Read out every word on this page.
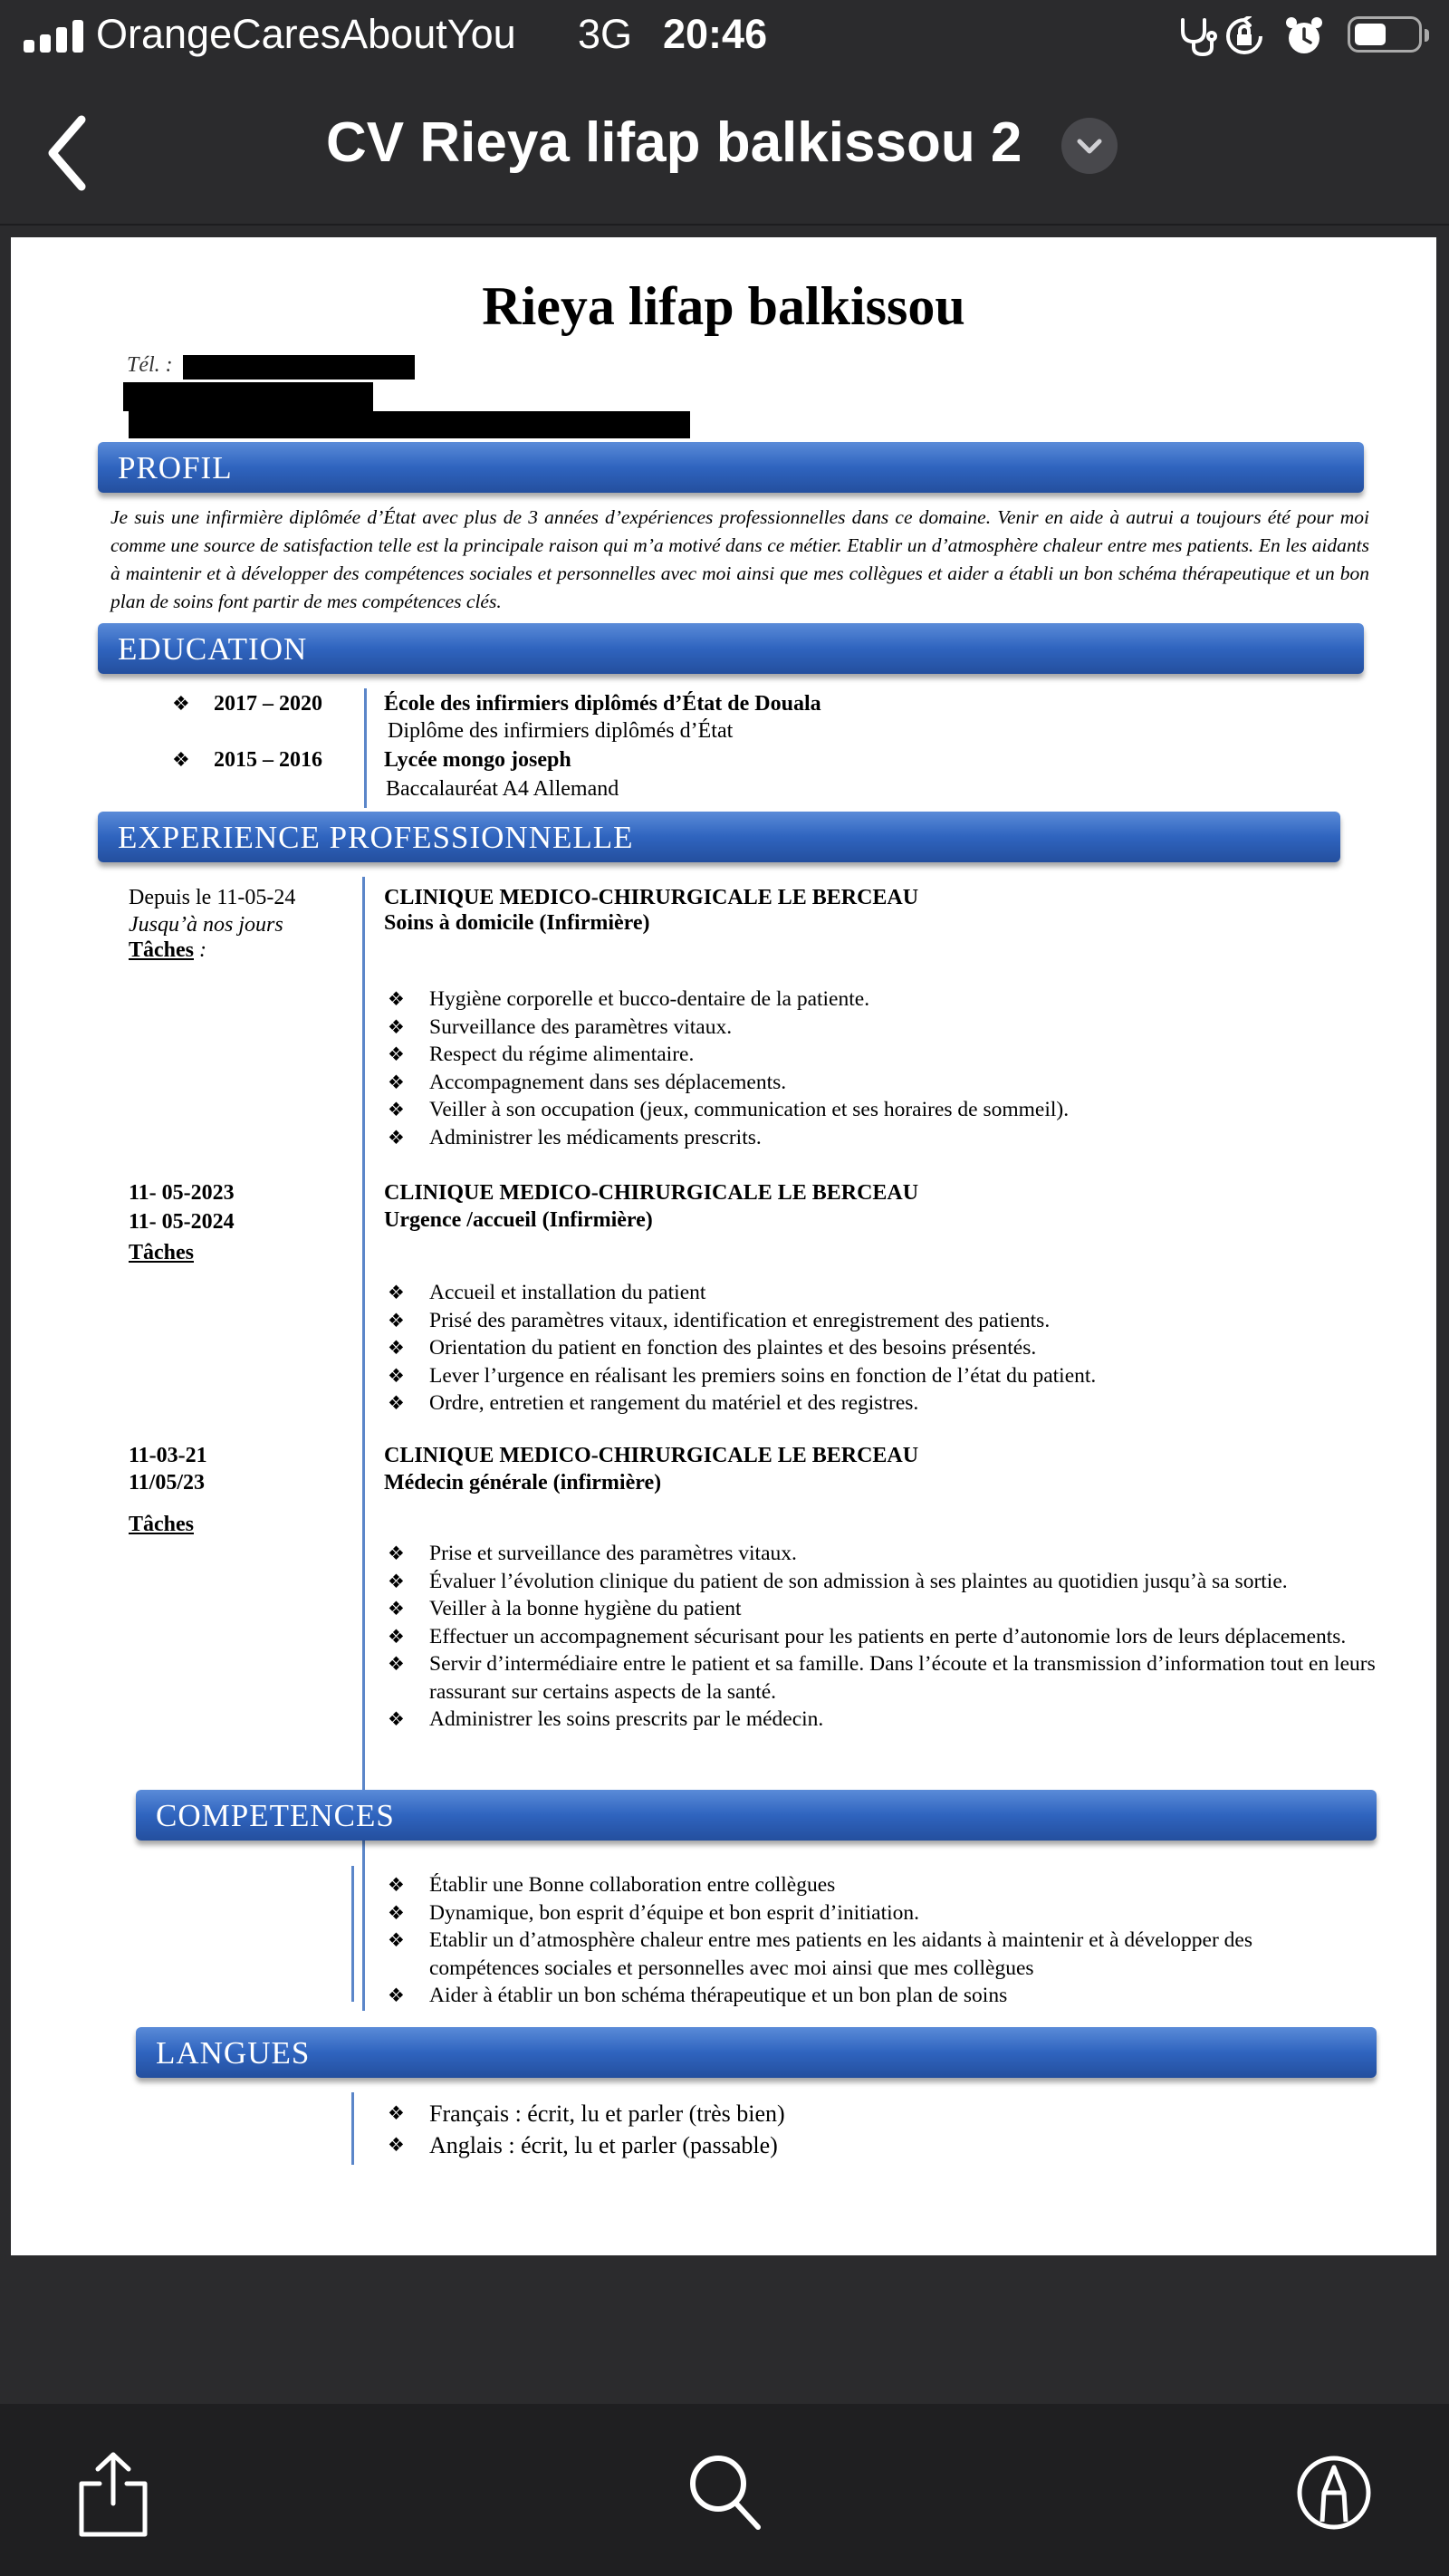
OrangeCaresAboutYou 3G 20:46
CV Rieya lifap balkissou 2
Rieya lifap balkissou
Tél. :
PROFIL
Je suis une infirmière diplômée d’État avec plus de 3 années d’expériences professionnelles dans ce domaine. Venir en aide à autrui a toujours été pour moi comme une source de satisfaction telle est la principale raison qui m’a motivé dans ce métier. Etablir un d’atmosphère chaleur entre mes patients. En les aidants à maintenir et à développer des compétences sociales et personnelles avec moi ainsi que mes collègues et aider a établi un bon schéma thérapeutique et un bon plan de soins font partir de mes compétences clés.
EDUCATION
❖ 2017 – 2020	École des infirmiers diplômés d’État de Douala
Diplôme des infirmiers diplômés d’État
❖ 2015 – 2016	Lycée mongo joseph
Baccalauréat A4 Allemand
EXPERIENCE PROFESSIONNELLE
Depuis le 11-05-24
Jusqu’à nos jours
Tâches :
CLINIQUE MEDICO-CHIRURGICALE LE BERCEAU
Soins à domicile (Infirmière)
❖ Hygiène corporelle et bucco-dentaire de la patiente.
❖ Surveillance des paramètres vitaux.
❖ Respect du régime alimentaire.
❖ Accompagnement dans ses déplacements.
❖ Veiller à son occupation (jeux, communication et ses horaires de sommeil).
❖ Administrer les médicaments prescrits.
11- 05-2023
11- 05-2024
Tâches
CLINIQUE MEDICO-CHIRURGICALE LE BERCEAU
Urgence /accueil (Infirmière)
❖ Accueil et installation du patient
❖ Prisé des paramètres vitaux, identification et enregistrement des patients.
❖ Orientation du patient en fonction des plaintes et des besoins présentés.
❖ Lever l’urgence en réalisant les premiers soins en fonction de l’état du patient.
❖ Ordre, entretien et rangement du matériel et des registres.
11-03-21
11/05/23
Tâches
CLINIQUE MEDICO-CHIRURGICALE LE BERCEAU
Médecin générale (infirmière)
❖ Prise et surveillance des paramètres vitaux.
❖ Évaluer l’évolution clinique du patient de son admission à ses plaintes au quotidien jusqu’à sa sortie.
❖ Veiller à la bonne hygiène du patient
❖ Effectuer un accompagnement sécurisant pour les patients en perte d’autonomie lors de leurs déplacements.
❖ Servir d’intermédiaire entre le patient et sa famille. Dans l’écoute et la transmission d’information tout en leurs rassurant sur certains aspects de la santé.
❖ Administrer les soins prescrits par le médecin.
COMPETENCES
❖ Établir une Bonne collaboration entre collègues
❖ Dynamique, bon esprit d’équipe et bon esprit d’initiation.
❖ Etablir un d’atmosphère chaleur entre mes patients en les aidants à maintenir et à développer des compétences sociales et personnelles avec moi ainsi que mes collègues
❖ Aider à établir un bon schéma thérapeutique et un bon plan de soins
LANGUES
❖ Français : écrit, lu et parler (très bien)
❖ Anglais : écrit, lu et parler (passable)
